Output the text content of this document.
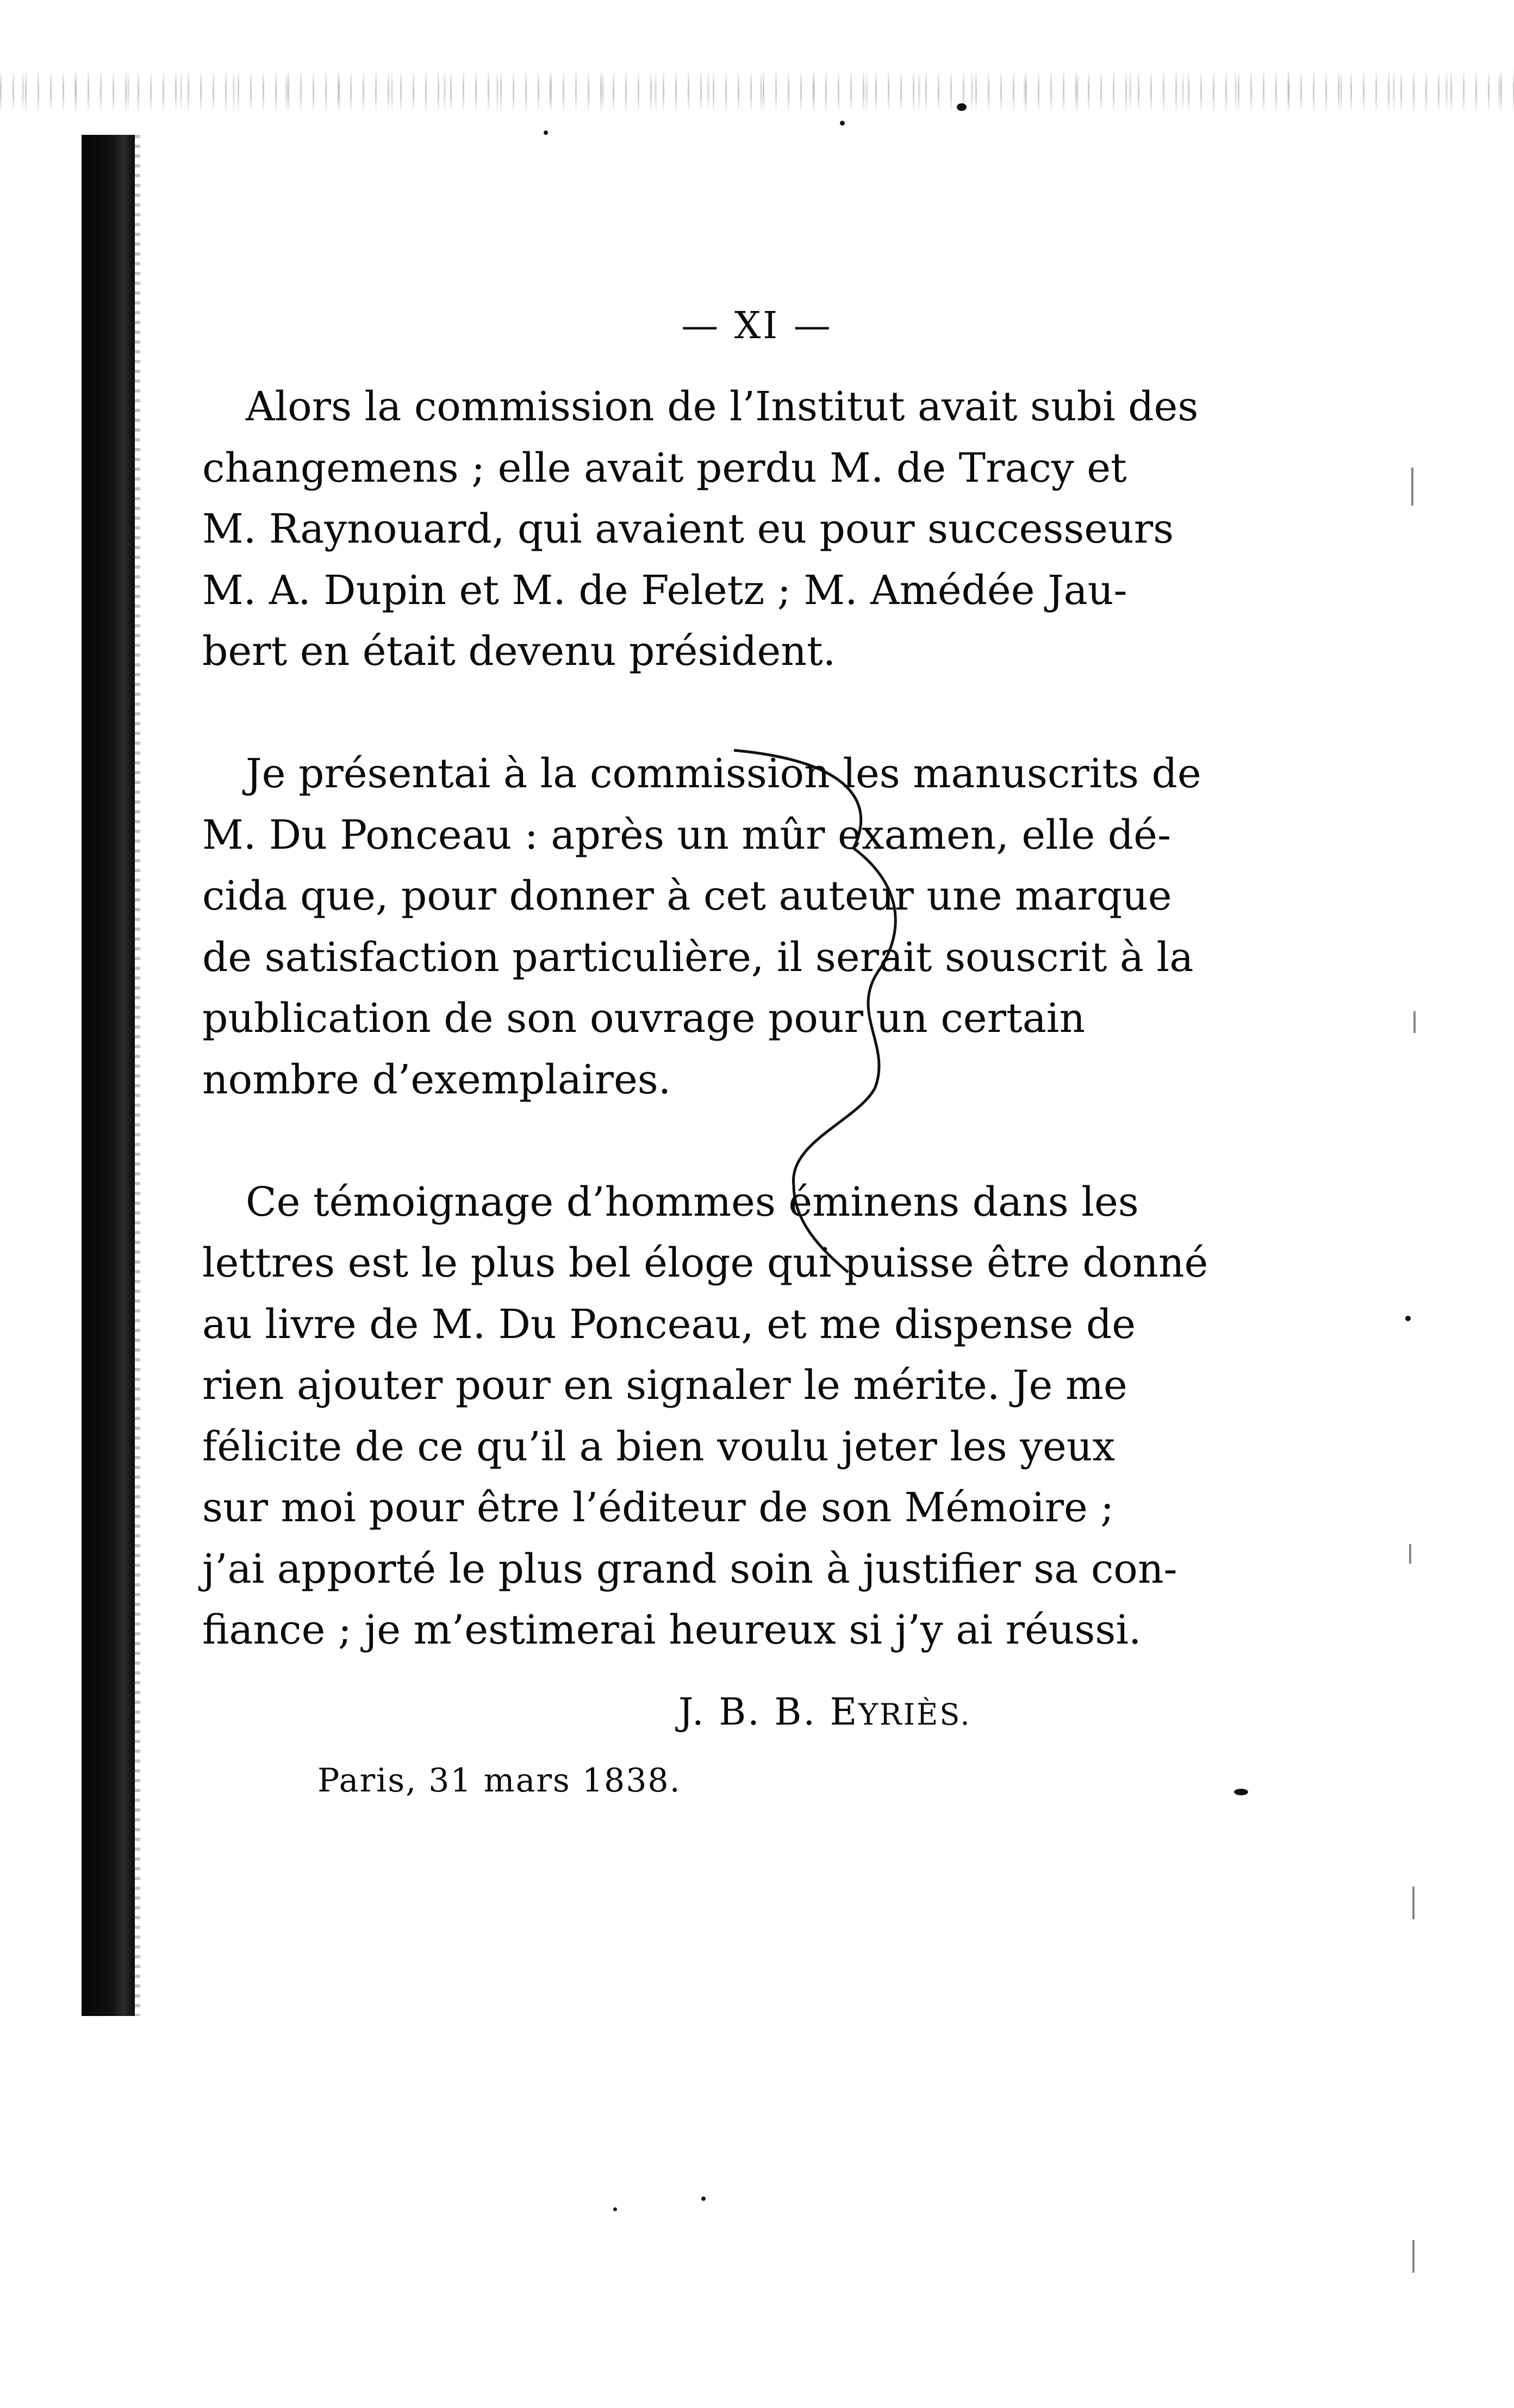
— XI —

Alors la commission de l’Institut avait subi des
changemens ; elle avait perdu M. de Tracy et
M. Raynouard, qui avaient eu pour successeurs
M. A. Dupin et M. de Feletz ; M. Amédée Jau-
bert en était devenu président.

Je présentai à la commission les manuscrits de
M. Du Ponceau : après un mûr examen, elle dé-
cida que, pour donner à cet auteur une marque
de satisfaction particulière, il serait souscrit à la
publication de son ouvrage pour un certain
nombre d’exemplaires.

Ce témoignage d’hommes éminens dans les
lettres est le plus bel éloge qui puisse être donné
au livre de M. Du Ponceau, et me dispense de
rien ajouter pour en signaler le mérite. Je me
félicite de ce qu’il a bien voulu jeter les yeux
sur moi pour être l’éditeur de son Mémoire ;
j’ai apporté le plus grand soin à justifier sa con-
fiance ; je m’estimerai heureux si j’y ai réussi.

J. B. B. EYRIÈS.
Paris, 31 mars 1838.
